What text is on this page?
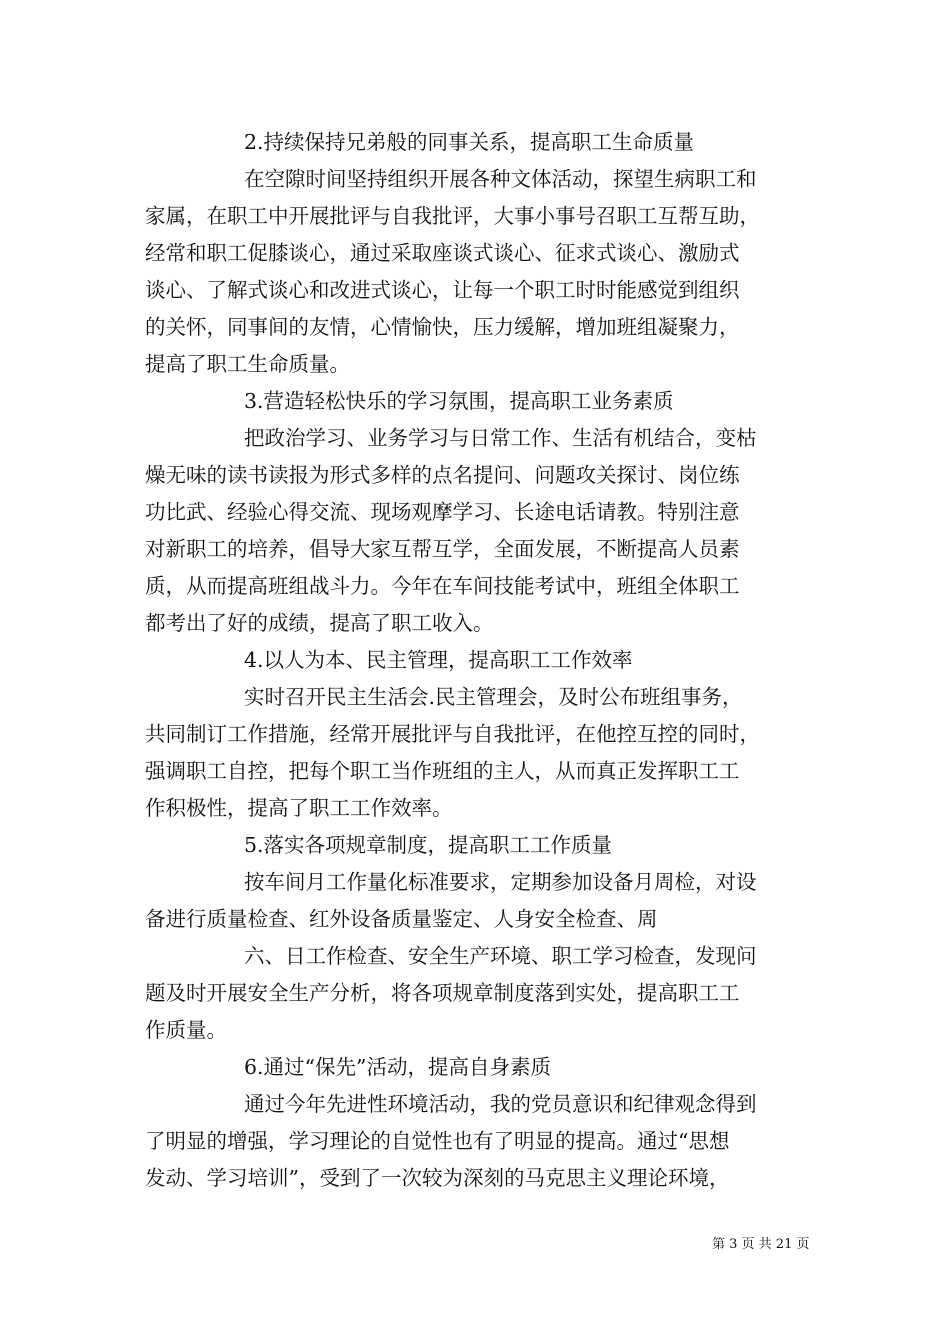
2.持续保持兄弟般的同事关系，提高职工生命质量
在空隙时间坚持组织开展各种文体活动，探望生病职工和
家属，在职工中开展批评与自我批评，大事小事号召职工互帮互助，
经常和职工促膝谈心，通过采取座谈式谈心、征求式谈心、激励式
谈心、了解式谈心和改进式谈心，让每一个职工时时能感觉到组织
的关怀，同事间的友情，心情愉快，压力缓解，增加班组凝聚力，
提高了职工生命质量。
3.营造轻松快乐的学习氛围，提高职工业务素质
把政治学习、业务学习与日常工作、生活有机结合，变枯
燥无味的读书读报为形式多样的点名提问、问题攻关探讨、岗位练
功比武、经验心得交流、现场观摩学习、长途电话请教。特别注意
对新职工的培养，倡导大家互帮互学，全面发展，不断提高人员素
质，从而提高班组战斗力。今年在车间技能考试中，班组全体职工
都考出了好的成绩，提高了职工收入。
4.以人为本、民主管理，提高职工工作效率
实时召开民主生活会.民主管理会，及时公布班组事务，
共同制订工作措施，经常开展批评与自我批评，在他控互控的同时，
强调职工自控，把每个职工当作班组的主人，从而真正发挥职工工
作积极性，提高了职工工作效率。
5.落实各项规章制度，提高职工工作质量
按车间月工作量化标准要求，定期参加设备月周检，对设
备进行质量检查、红外设备质量鉴定、人身安全检查、周
六、日工作检查、安全生产环境、职工学习检查，发现问
题及时开展安全生产分析，将各项规章制度落到实处，提高职工工
作质量。
6.通过“保先”活动，提高自身素质
通过今年先进性环境活动，我的党员意识和纪律观念得到
了明显的增强，学习理论的自觉性也有了明显的提高。通过“思想
发动、学习培训”，受到了一次较为深刻的马克思主义理论环境，
第 3 页 共 21 页
